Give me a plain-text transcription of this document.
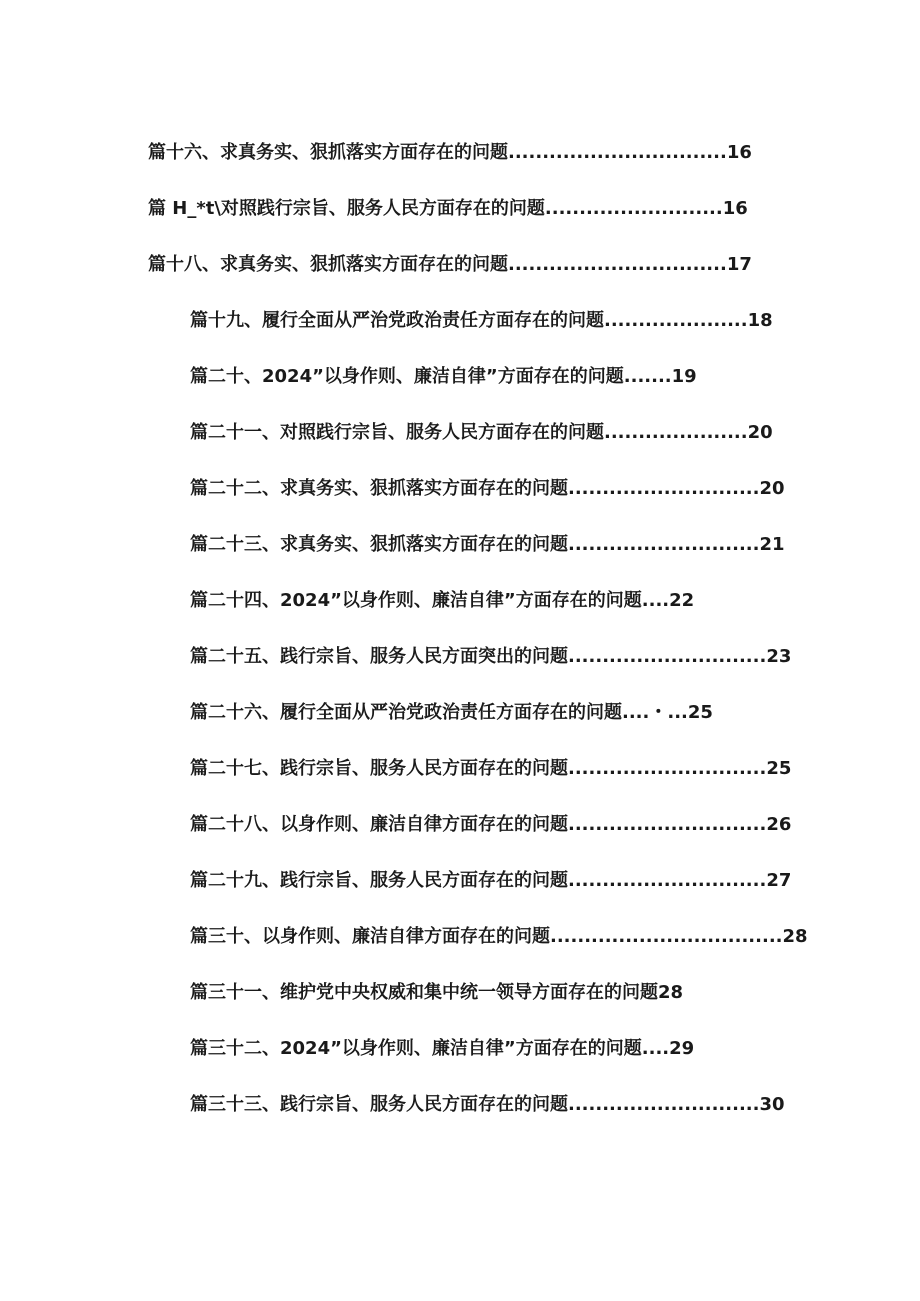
篇十六、求真务实、狠抓落实方面存在的问题................................16
篇 H_*t\对照践行宗旨、服务人民方面存在的问题..........................16
篇十八、求真务实、狠抓落实方面存在的问题................................17
篇十九、履行全面从严治党政治责任方面存在的问题.....................18
篇二十、2024”以身作则、廉洁自律”方面存在的问题.......19
篇二十一、对照践行宗旨、服务人民方面存在的问题.....................20
篇二十二、求真务实、狠抓落实方面存在的问题............................20
篇二十三、求真务实、狠抓落实方面存在的问题............................21
篇二十四、2024”以身作则、廉洁自律”方面存在的问题....22
篇二十五、践行宗旨、服务人民方面突出的问题.............................23
篇二十六、履行全面从严治党政治责任方面存在的问题....・...25
篇二十七、践行宗旨、服务人民方面存在的问题.............................25
篇二十八、以身作则、廉洁自律方面存在的问题.............................26
篇二十九、践行宗旨、服务人民方面存在的问题.............................27
篇三十、以身作则、廉洁自律方面存在的问题..................................28
篇三十一、维护党中央权威和集中统一领导方面存在的问题28
篇三十二、2024”以身作则、廉洁自律”方面存在的问题....29
篇三十三、践行宗旨、服务人民方面存在的问题............................30
